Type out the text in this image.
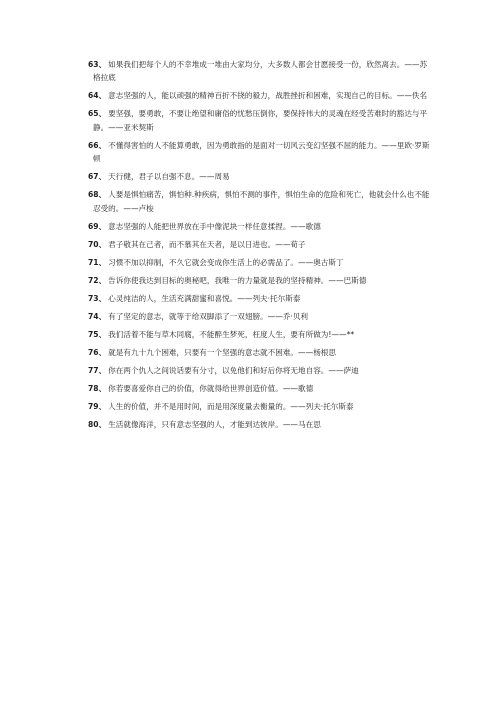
63、 如果我们把每个人的不幸堆成一堆由大家均分，大多数人都会甘愿接受一份，欣然离去。——苏格拉底

64、 意志坚强的人，能以顽强的精神百折不挠的毅力，战胜挫折和困难，实现自己的目标。——佚名

65、 要坚强，要勇敢，不要让绝望和庸俗的忧愁压倒你，要保持伟大的灵魂在经受苦难时的豁达与平静。——亚米契斯

66、 不懂得害怕的人不能算勇敢，因为勇敢指的是面对一切风云变幻坚强不屈的能力。——里欧·罗斯顿

67、 天行健，君子以自强不息。——周易

68、 人要是惧怕痛苦，惧怕种.种疾病，惧怕不测的事件，惧怕生命的危险和死亡，他就会什么也不能忍受的。——卢梭

69、 意志坚强的人能把世界放在手中像泥块一样任意揉捏。——歌德

70、 君子敬其在己者，而不慕其在天者，是以日进也。——荀子

71、 习惯不加以抑制，不久它就会变成你生活上的必需品了。——奥古斯丁

72、 告诉你使我达到目标的奥秘吧，我唯一的力量就是我的坚持精神。——巴斯德

73、 心灵纯洁的人，生活充满甜蜜和喜悦。——列夫·托尔斯泰

74、 有了坚定的意志，就等于给双脚添了一双翅膀。——乔·贝利

75、 我们活着不能与草木同腐，不能醉生梦死，枉度人生，要有所做为!——**

76、 就是有九十九个困难，只要有一个坚强的意志就不困难。——杨根思

77、 你在两个仇人之间说话要有分寸，以免他们和好后你将无地自容。——萨迪

78、 你若要喜爱你自己的价值，你就得给世界创造价值。——歌德

79、 人生的价值，并不是用时间，而是用深度量去衡量的。——列夫·托尔斯泰

80、 生活就像海洋，只有意志坚强的人，才能到达彼岸。——马在思
